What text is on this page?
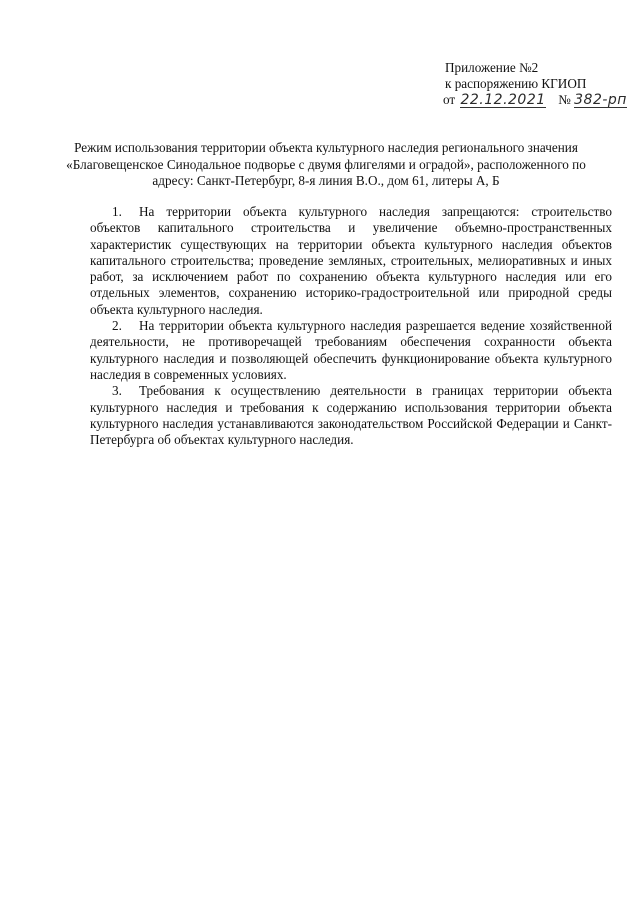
Приложение №2
к распоряжению КГИОП
от 22.12.2021 № 382-рп
Режим использования территории объекта культурного наследия регионального значения «Благовещенское Синодальное подворье с двумя флигелями и оградой», расположенного по адресу: Санкт-Петербург, 8-я линия В.О., дом 61, литеры А, Б

1. На территории объекта культурного наследия запрещаются: строительство объектов капитального строительства и увеличение объемно-пространственных характеристик существующих на территории объекта культурного наследия объектов капитального строительства; проведение земляных, строительных, мелиоративных и иных работ, за исключением работ по сохранению объекта культурного наследия или его отдельных элементов, сохранению историко-градостроительной или природной среды объекта культурного наследия.

2. На территории объекта культурного наследия разрешается ведение хозяйственной деятельности, не противоречащей требованиям обеспечения сохранности объекта культурного наследия и позволяющей обеспечить функционирование объекта культурного наследия в современных условиях.

3. Требования к осуществлению деятельности в границах территории объекта культурного наследия и требования к содержанию использования территории объекта культурного наследия устанавливаются законодательством Российской Федерации и Санкт-Петербурга об объектах культурного наследия.
